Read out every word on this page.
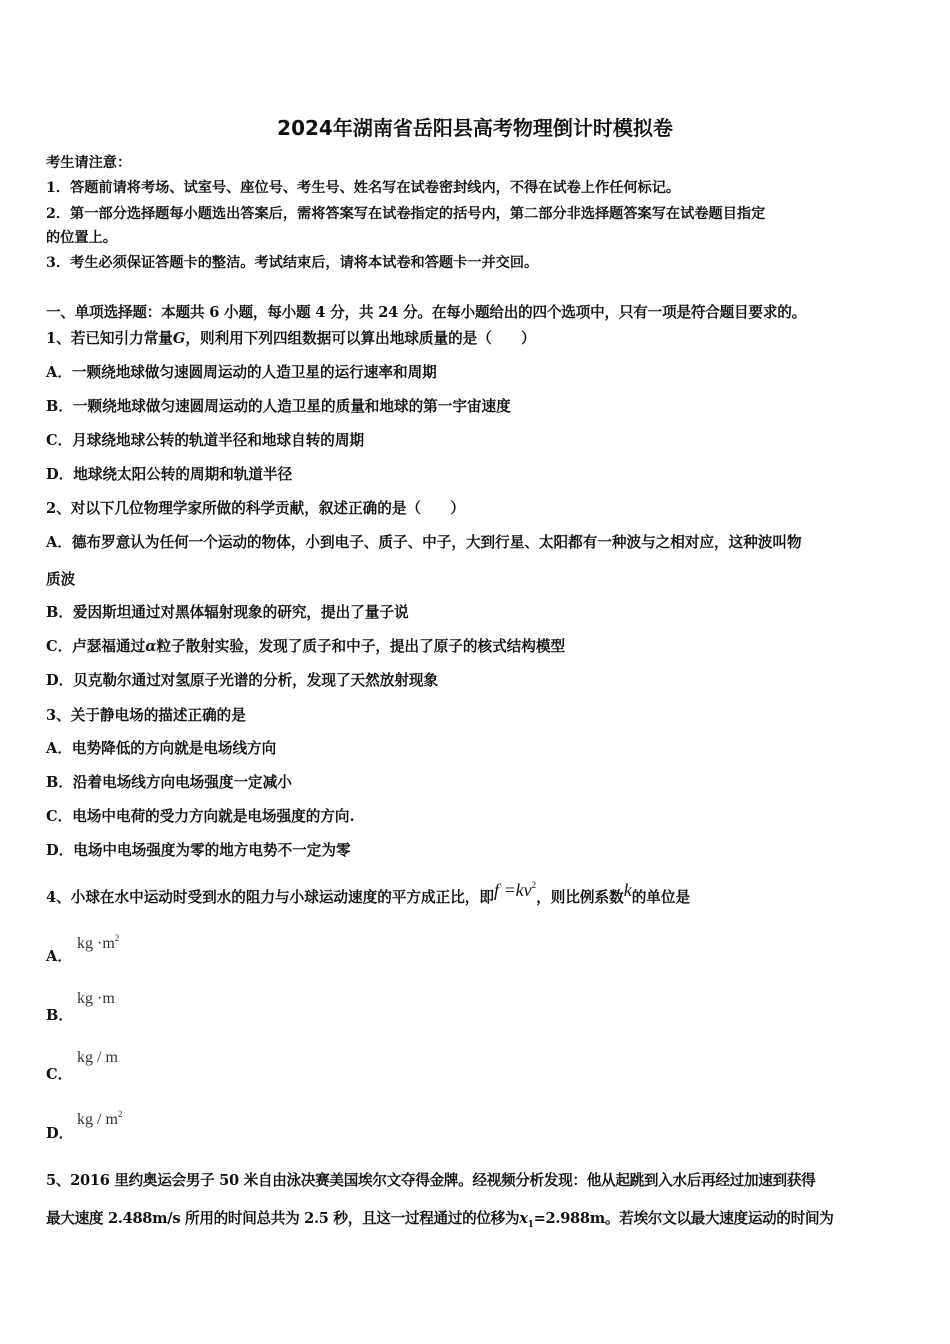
2024年湖南省岳阳县高考物理倒计时模拟卷
考生请注意：
1．答题前请将考场、试室号、座位号、考生号、姓名写在试卷密封线内，不得在试卷上作任何标记。
2．第一部分选择题每小题选出答案后，需将答案写在试卷指定的括号内，第二部分非选择题答案写在试卷题目指定
的位置上。
3．考生必须保证答题卡的整洁。考试结束后，请将本试卷和答题卡一并交回。
一、单项选择题：本题共 6 小题，每小题 4 分，共 24 分。在每小题给出的四个选项中，只有一项是符合题目要求的。
1、若已知引力常量G，则利用下列四组数据可以算出地球质量的是（　　）
A．一颗绕地球做匀速圆周运动的人造卫星的运行速率和周期
B．一颗绕地球做匀速圆周运动的人造卫星的质量和地球的第一宇宙速度
C．月球绕地球公转的轨道半径和地球自转的周期
D．地球绕太阳公转的周期和轨道半径
2、对以下几位物理学家所做的科学贡献，叙述正确的是（　　）
A．德布罗意认为任何一个运动的物体，小到电子、质子、中子，大到行星、太阳都有一种波与之相对应，这种波叫物
质波
B．爱因斯坦通过对黑体辐射现象的研究，提出了量子说
C．卢瑟福通过α粒子散射实验，发现了质子和中子，提出了原子的核式结构模型
D．贝克勒尔通过对氢原子光谱的分析，发现了天然放射现象
3、关于静电场的描述正确的是
A．电势降低的方向就是电场线方向
B．沿着电场线方向电场强度一定减小
C．电场中电荷的受力方向就是电场强度的方向.
D．电场中电场强度为零的地方电势不一定为零
4、小球在水中运动时受到水的阻力与小球运动速度的平方成正比，即$f =kv^2$，则比例系数k的单位是
A．
kg $\cdot m^2$
B．
kg ·m
C．
kg / m
D．
kg / $m^2$
5、2016 里约奥运会男子 50 米自由泳决赛美国埃尔文夺得金牌。经视频分析发现：他从起跳到入水后再经过加速到获得
最大速度 2.488m/s 所用的时间总共为 2.5 秒，且这一过程通过的位移为$x_1=2.988m$。若埃尔文以最大速度运动的时间为
